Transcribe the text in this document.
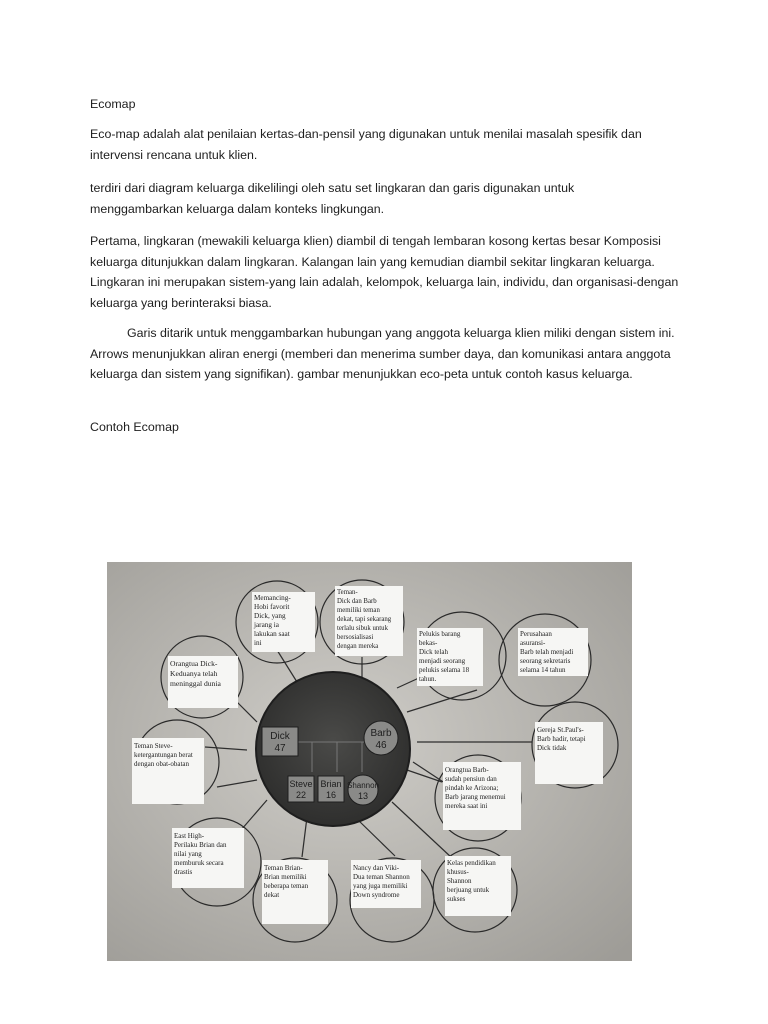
Ecomap

Eco-map adalah alat penilaian kertas-dan-pensil yang digunakan untuk menilai masalah spesifik dan intervensi rencana untuk klien.

terdiri dari diagram keluarga dikelilingi oleh satu set lingkaran dan garis digunakan untuk menggambarkan keluarga dalam konteks lingkungan.

Pertama, lingkaran (mewakili keluarga klien) diambil di tengah lembaran kosong kertas besar Komposisi keluarga ditunjukkan dalam lingkaran. Kalangan lain yang kemudian diambil sekitar lingkaran keluarga. Lingkaran ini merupakan sistem-yang lain adalah, kelompok, keluarga lain, individu, dan organisasi-dengan keluarga yang berinteraksi biasa.

Garis ditarik untuk menggambarkan hubungan yang anggota keluarga klien miliki dengan sistem ini. Arrows menunjukkan aliran energi (memberi dan menerima sumber daya, dan komunikasi antara anggota keluarga dan sistem yang signifikan). gambar menunjukkan eco-peta untuk contoh kasus keluarga.

Contoh Ecomap

Dick
47
Barb
46
Steve
22
Brian
16
Shannon
13
Memancing- Hobi favorit Dick, yang jarang ia lakukan saat ini
Teman- Dick dan Barb memiliki teman dekat, tapi sekarang terlalu sibuk untuk bersosialisasi dengan mereka
Pelukis barang bekas- Dick telah menjadi seorang pelukis selama 18 tahun.
Perusahaan asuransi- Barb telah menjadi seorang sekretaris selama 14 tahun
Orangtua Dick- Keduanya telah meninggal dunia
Gereja St.Paul's- Barb hadir, tetapi Dick tidak
Teman Steve- ketergantungan berat dengan obat-obatan
Orangtua Barb- sudah pensiun dan pindah ke Arizona; Barb jarang menemui mereka saat ini
East High- Perilaku Brian dan nilai yang memburuk secara drastis	Teman Brian- Brian memiliki beberapa teman dekat
Nancy dan Viki- Dua teman Shannon yang juga memiliki Down syndrome
Kelas pendidikan khusus- Shannon berjuang untuk sukses
